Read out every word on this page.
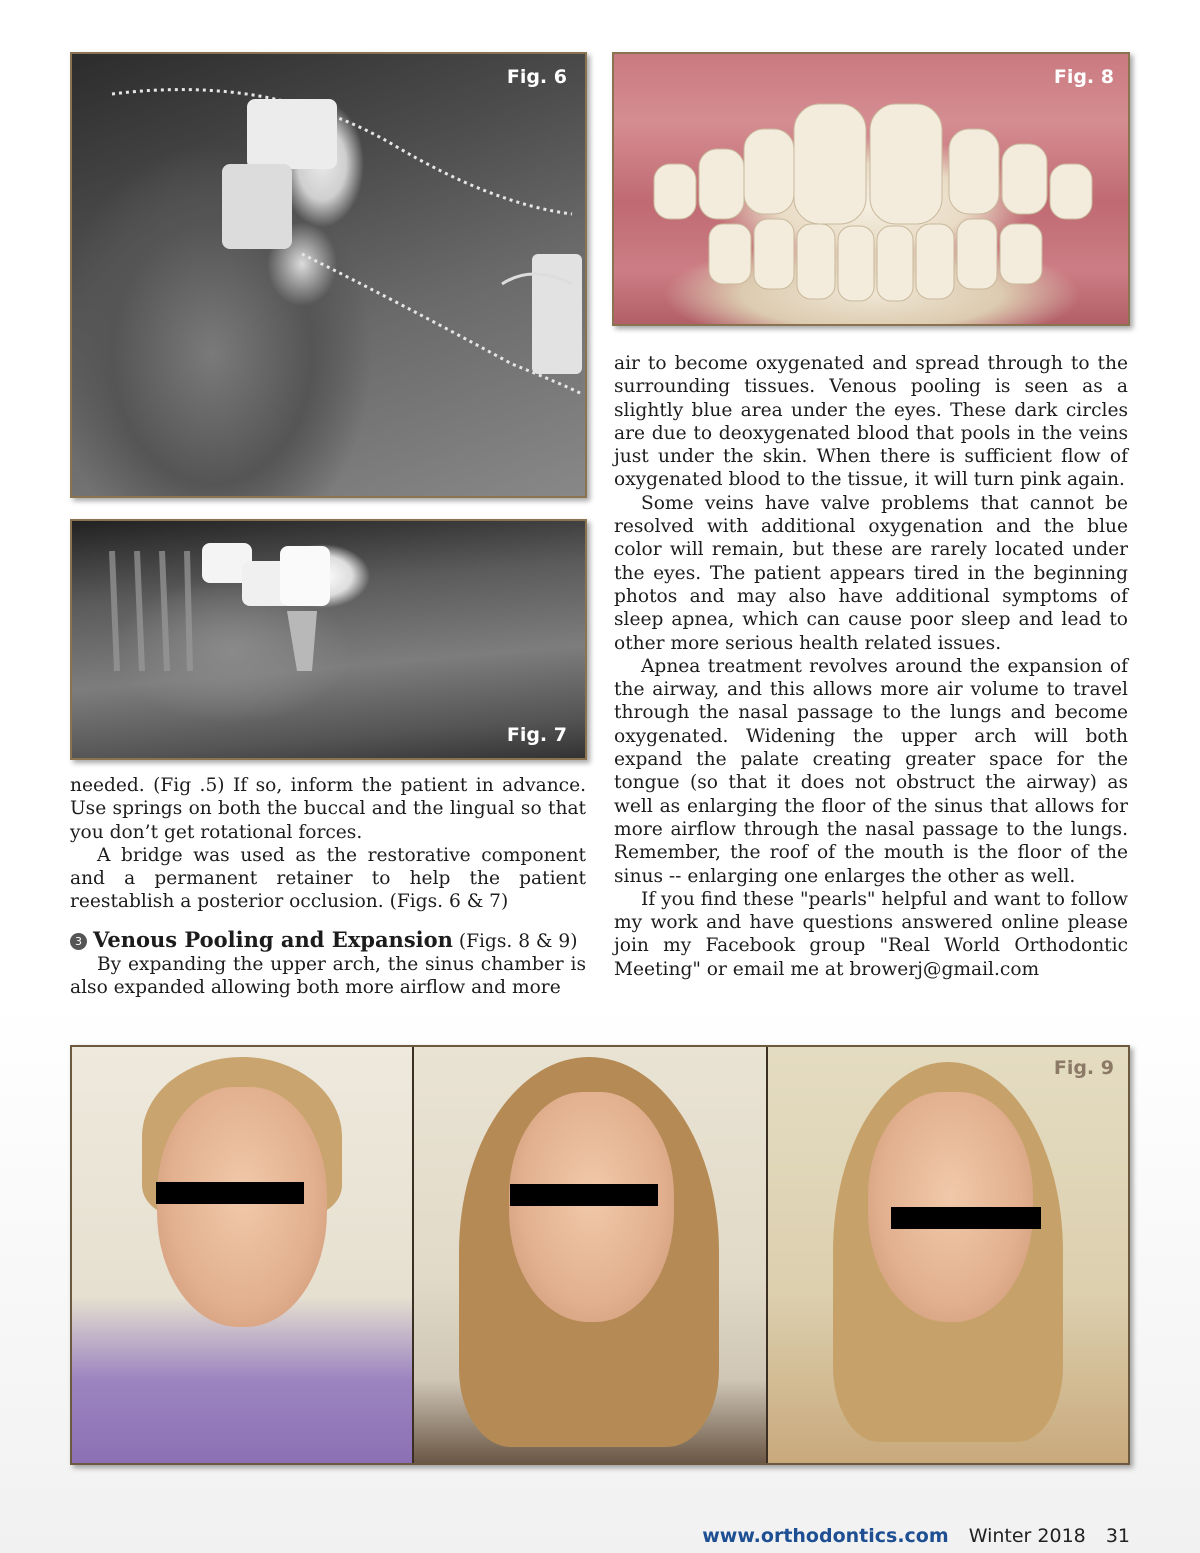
Fig. 6
Fig. 7
Fig. 8

needed. (Fig .5) If so, inform the patient in advance. Use springs on both the buccal and the lingual so that you don’t get rotational forces.

A bridge was used as the restorative component and a permanent retainer to help the patient reestablish a posterior occlusion. (Figs. 6 & 7)

3 Venous Pooling and Expansion (Figs. 8 & 9)

By expanding the upper arch, the sinus chamber is also expanded allowing both more airflow and more

air to become oxygenated and spread through to the surrounding tissues. Venous pooling is seen as a slightly blue area under the eyes. These dark circles are due to deoxygenated blood that pools in the veins just under the skin. When there is sufficient flow of oxygenated blood to the tissue, it will turn pink again.

Some veins have valve problems that cannot be resolved with additional oxygenation and the blue color will remain, but these are rarely located under the eyes. The patient appears tired in the beginning photos and may also have additional symptoms of sleep apnea, which can cause poor sleep and lead to other more serious health related issues.

Apnea treatment revolves around the expansion of the airway, and this allows more air volume to travel through the nasal passage to the lungs and become oxygenated. Widening the upper arch will both expand the palate creating greater space for the tongue (so that it does not obstruct the airway) as well as enlarging the floor of the sinus that allows for more airflow through the nasal passage to the lungs. Remember, the roof of the mouth is the floor of the sinus -- enlarging one enlarges the other as well.

If you find these "pearls" helpful and want to follow my work and have questions answered online please join my Facebook group "Real World Orthodontic Meeting" or email me at browerj@gmail.com

Fig. 9
www.orthodontics.com Winter 2018 31
